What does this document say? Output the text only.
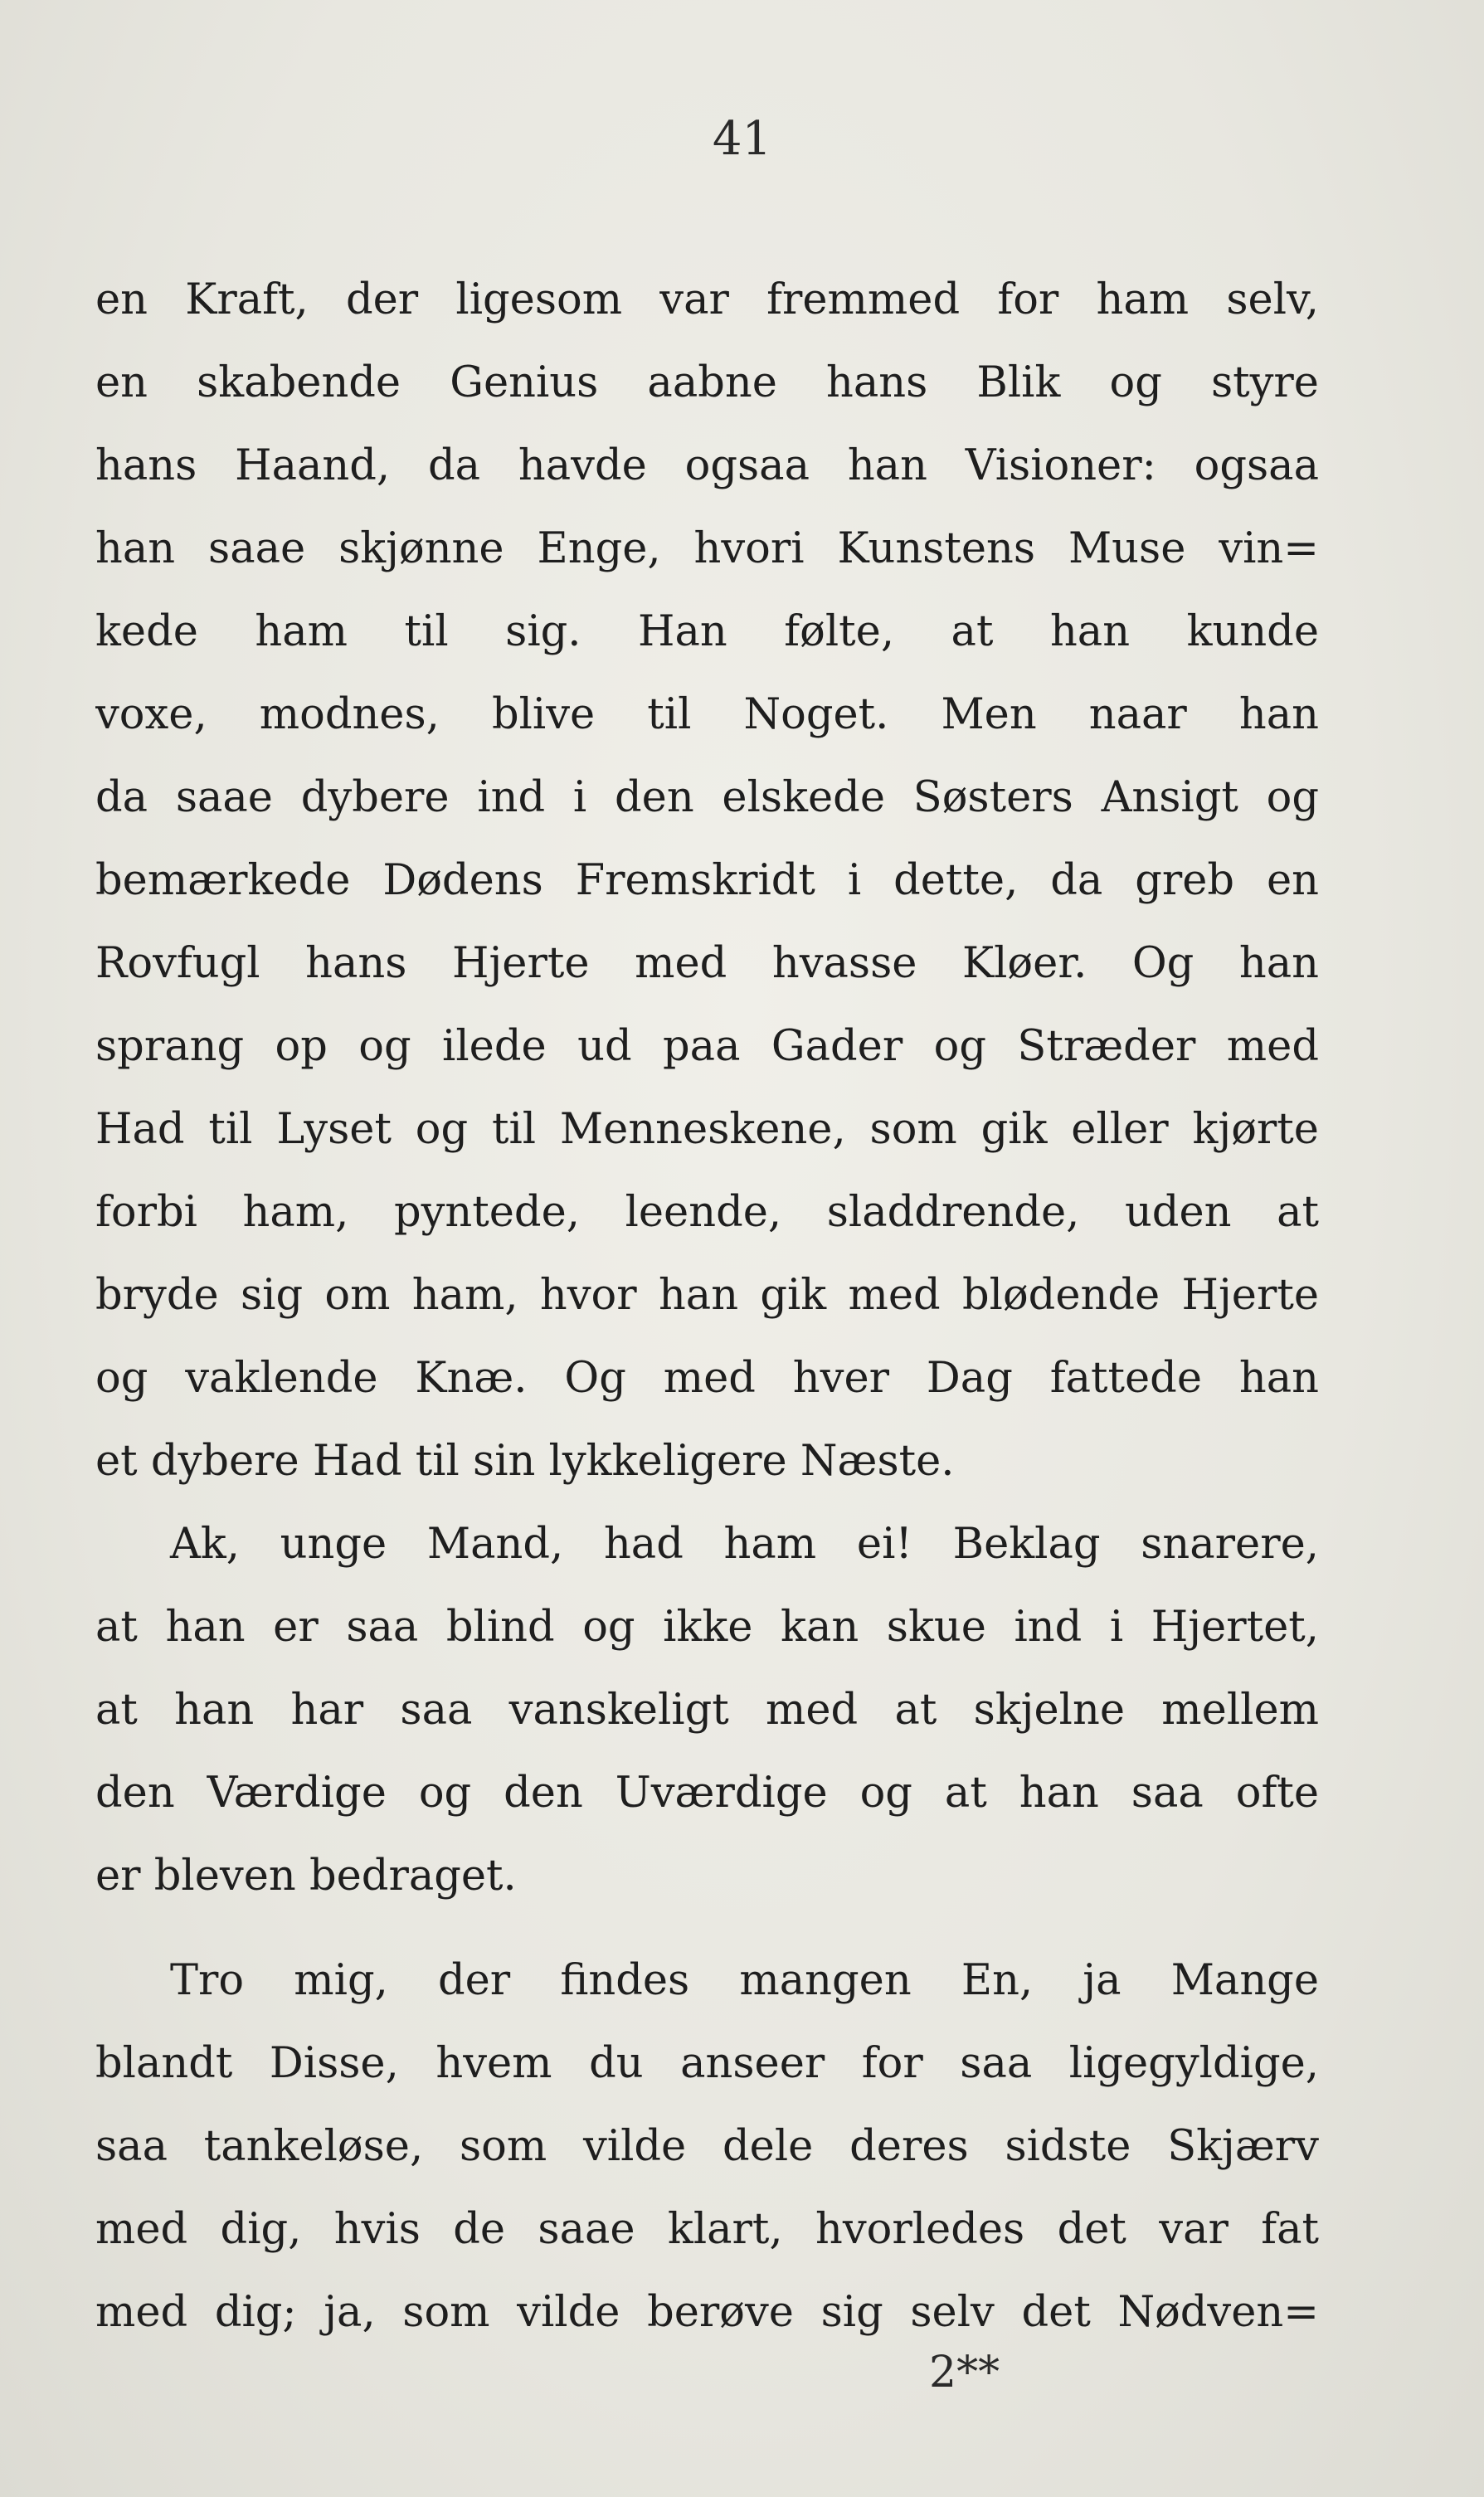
41
en Kraft, der ligesom var fremmed for ham selv,
en skabende Genius aabne hans Blik og styre
hans Haand, da havde ogsaa han Visioner: ogsaa
han saae skjønne Enge, hvori Kunstens Muse vin=
kede ham til sig. Han følte, at han kunde
voxe, modnes, blive til Noget. Men naar han
da saae dybere ind i den elskede Søsters Ansigt og
bemærkede Dødens Fremskridt i dette, da greb en
Rovfugl hans Hjerte med hvasse Kløer. Og han
sprang op og ilede ud paa Gader og Stræder med
Had til Lyset og til Menneskene, som gik eller kjørte
forbi ham, pyntede, leende, sladdrende, uden at
bryde sig om ham, hvor han gik med blødende Hjerte
og vaklende Knæ. Og med hver Dag fattede han
et dybere Had til sin lykkeligere Næste.
Ak, unge Mand, had ham ei! Beklag snarere,
at han er saa blind og ikke kan skue ind i Hjertet,
at han har saa vanskeligt med at skjelne mellem
den Værdige og den Uværdige og at han saa ofte
er bleven bedraget.
Tro mig, der findes mangen En, ja Mange
blandt Disse, hvem du anseer for saa ligegyldige,
saa tankeløse, som vilde dele deres sidste Skjærv
med dig, hvis de saae klart, hvorledes det var fat
med dig; ja, som vilde berøve sig selv det Nødven=
2**
